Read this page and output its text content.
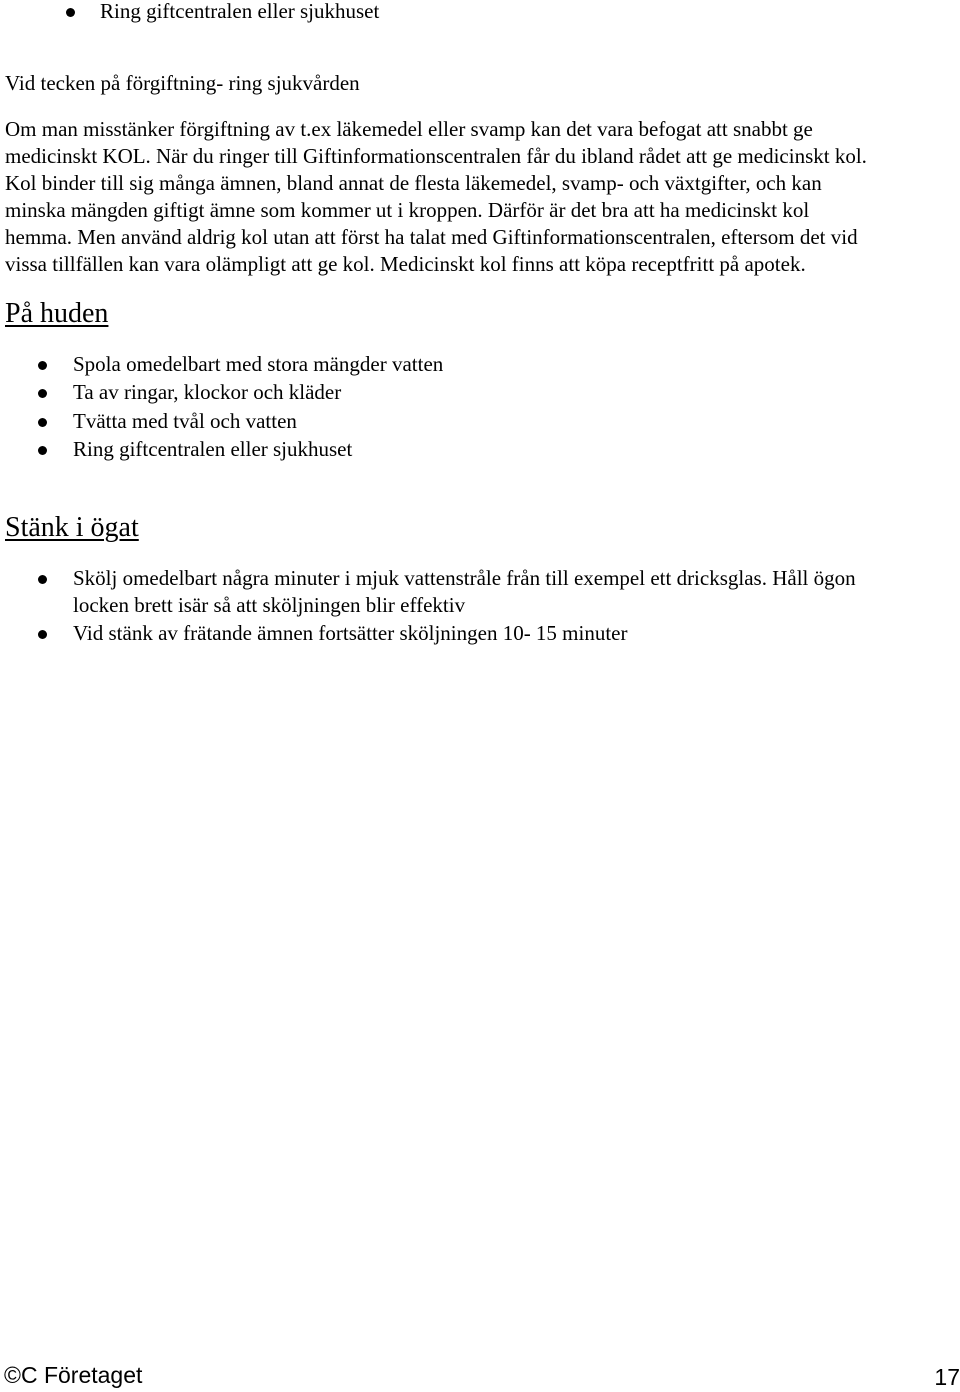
Ring giftcentralen eller sjukhuset
Vid tecken på förgiftning- ring sjukvården
Om man misstänker förgiftning av t.ex läkemedel eller svamp kan det vara befogat att snabbt ge
medicinskt KOL. När du ringer till Giftinformationscentralen får du ibland rådet att ge medicinskt kol.
Kol binder till sig många ämnen, bland annat de flesta läkemedel, svamp- och växtgifter, och kan
minska mängden giftigt ämne som kommer ut i kroppen. Därför är det bra att ha medicinskt kol
hemma. Men använd aldrig kol utan att först ha talat med Giftinformationscentralen, eftersom det vid
vissa tillfällen kan vara olämpligt att ge kol. Medicinskt kol finns att köpa receptfritt på apotek.
På huden
Spola omedelbart med stora mängder vatten
Ta av ringar, klockor och kläder
Tvätta med tvål och vatten
Ring giftcentralen eller sjukhuset
Stänk i ögat
Skölj omedelbart några minuter i mjuk vattenstråle från till exempel ett dricksglas. Håll ögon
locken brett isär så att sköljningen blir effektiv
Vid stänk av frätande ämnen fortsätter sköljningen 10- 15 minuter
©C Företaget	17
